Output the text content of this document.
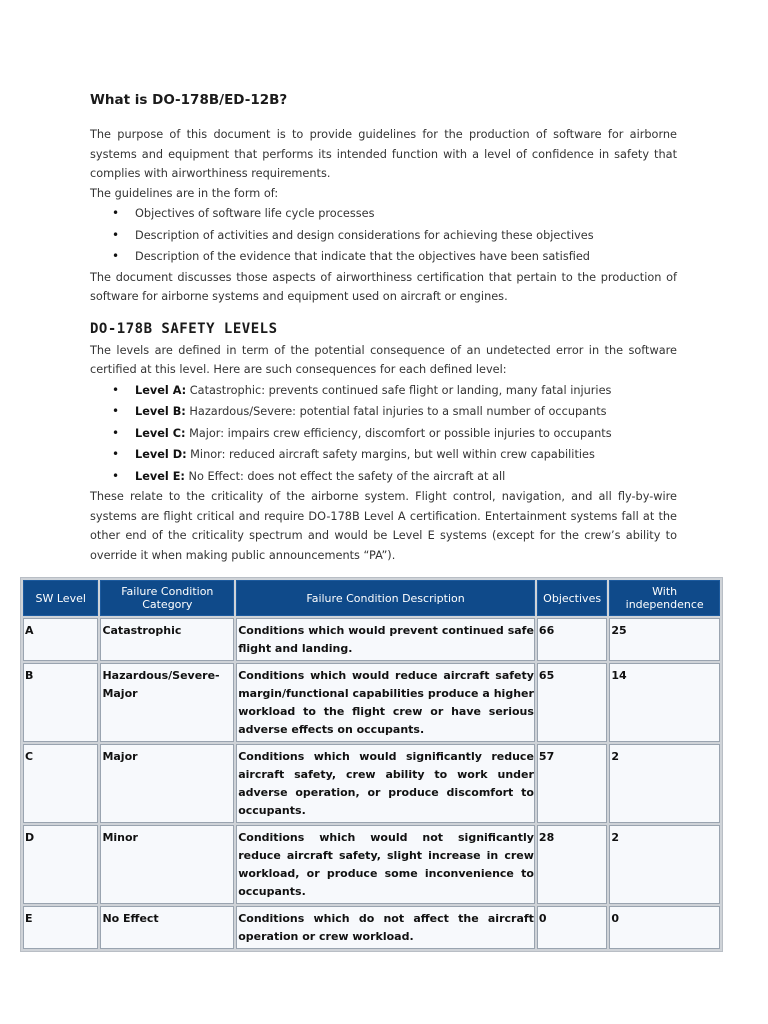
What is DO-178B/ED-12B?

The purpose of this document is to provide guidelines for the production of software for airborne systems and equipment that performs its intended function with a level of confidence in safety that complies with airworthiness requirements.

The guidelines are in the form of:

• Objectives of software life cycle processes
• Description of activities and design considerations for achieving these objectives
• Description of the evidence that indicate that the objectives have been satisfied

The document discusses those aspects of airworthiness certification that pertain to the production of software for airborne systems and equipment used on aircraft or engines.

DO-178B SAFETY LEVELS

The levels are defined in term of the potential consequence of an undetected error in the software certified at this level. Here are such consequences for each defined level:

• Level A: Catastrophic: prevents continued safe flight or landing, many fatal injuries
• Level B: Hazardous/Severe: potential fatal injuries to a small number of occupants
• Level C: Major: impairs crew efficiency, discomfort or possible injuries to occupants
• Level D: Minor: reduced aircraft safety margins, but well within crew capabilities
• Level E: No Effect: does not effect the safety of the aircraft at all

These relate to the criticality of the airborne system. Flight control, navigation, and all fly-by-wire systems are flight critical and require DO-178B Level A certification. Entertainment systems fall at the other end of the criticality spectrum and would be Level E systems (except for the crew’s ability to override it when making public announcements “PA”).

SW Level	Failure Condition Category	Failure Condition Description	Objectives	With independence
A	Catastrophic	Conditions which would prevent continued safe flight and landing.	66	25
B	Hazardous/Severe-Major	Conditions which would reduce aircraft safety margin/functional capabilities produce a higher workload to the flight crew or have serious adverse effects on occupants.	65	14
C	Major	Conditions which would significantly reduce aircraft safety, crew ability to work under adverse operation, or produce discomfort to occupants.	57	2
D	Minor	Conditions which would not significantly reduce aircraft safety, slight increase in crew workload, or produce some inconvenience to occupants.	28	2
E	No Effect	Conditions which do not affect the aircraft operation or crew workload.	0	0
